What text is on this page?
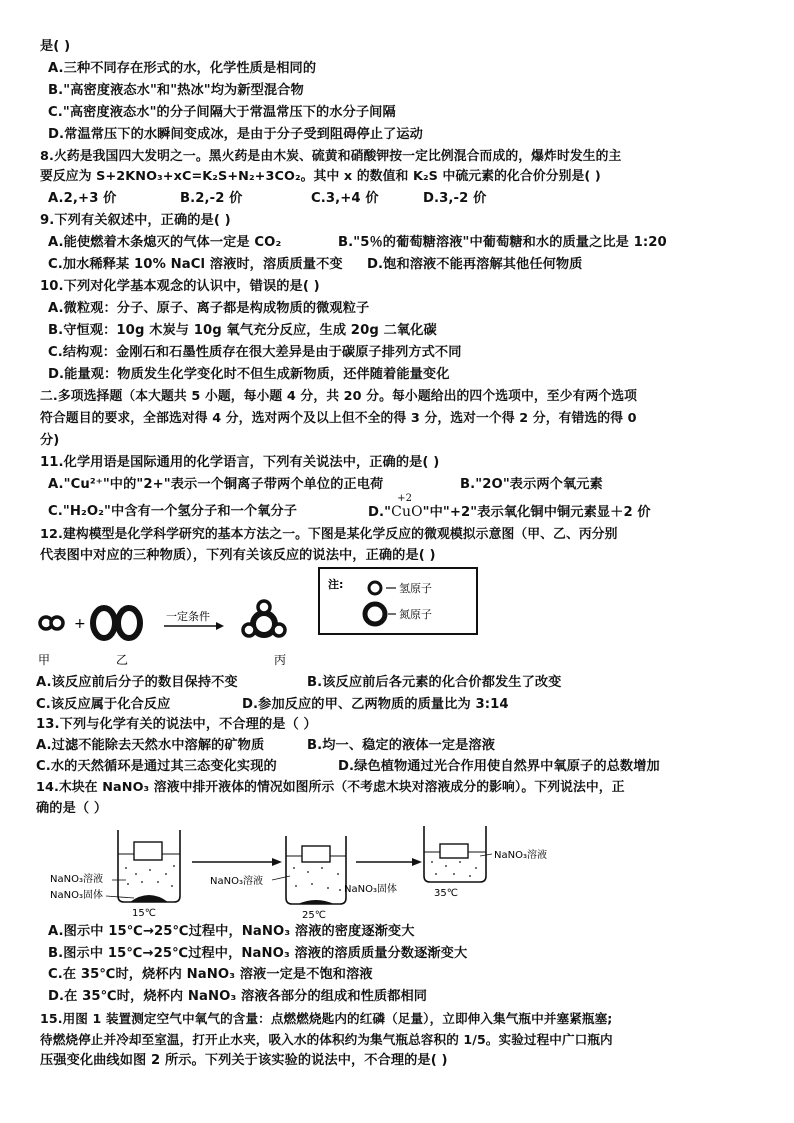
是( )
A.三种不同存在形式的水，化学性质是相同的
B."高密度液态水"和"热冰"均为新型混合物
C."高密度液态水"的分子间隔大于常温常压下的水分子间隔
D.常温常压下的水瞬间变成冰，是由于分子受到阻碍停止了运动
8.火药是我国四大发明之一。黑火药是由木炭、硫黄和硝酸钾按一定比例混合而成的，爆炸时发生的主
要反应为 S+2KNO₃+xC=K₂S+N₂+3CO₂。其中 x 的数值和 K₂S 中硫元素的化合价分别是( )
A.2,+3 价	B.2,-2 价	C.3,+4 价	D.3,-2 价
9.下列有关叙述中，正确的是( )
A.能使燃着木条熄灭的气体一定是 CO₂	B."5％的葡萄糖溶液"中葡萄糖和水的质量之比是 1:20
C.加水稀释某 10% NaCl 溶液时，溶质质量不变 D.饱和溶液不能再溶解其他任何物质
10.下列对化学基本观念的认识中，错误的是( )
A.微粒观：分子、原子、离子都是构成物质的微观粒子
B.守恒观：10g 木炭与 10g 氧气充分反应，生成 20g 二氧化碳
C.结构观：金刚石和石墨性质存在很大差异是由于碳原子排列方式不同
D.能量观：物质发生化学变化时不但生成新物质，还伴随着能量变化
二.多项选择题（本大题共 5 小题，每小题 4 分，共 20 分。每小题给出的四个选项中，至少有两个选项
符合题目的要求，全部选对得 4 分，选对两个及以上但不全的得 3 分，选对一个得 2 分，有错选的得 0
分)
11.化学用语是国际通用的化学语言，下列有关说法中，正确的是( )
A."Cu²⁺"中的"2+"表示一个铜离子带两个单位的正电荷	B."2O"表示两个氧元素
C."H₂O₂"中含有一个氢分子和一个氧分子	D."
+2
CuO"中"+2"表示氧化铜中铜元素显＋2 价
12.建构模型是化学科学研究的基本方法之一。下图是某化学反应的微观模拟示意图（甲、乙、丙分别
代表图中对应的三种物质），下列有关该反应的说法中，正确的是( )
注:	氢原子
氮原子
+	一定条件
甲	乙	丙
A.该反应前后分子的数目保持不变	B.该反应前后各元素的化合价都发生了改变
C.该反应属于化合反应	D.参加反应的甲、乙两物质的质量比为 3:14
13.下列与化学有关的说法中，不合理的是（ ）
A.过滤不能除去天然水中溶解的矿物质	B.均一、稳定的液体一定是溶液
C.水的天然循环是通过其三态变化实现的	D.绿色植物通过光合作用使自然界中氧原子的总数增加
14.木块在 NaNO₃ 溶液中排开液体的情况如图所示（不考虑木块对溶液成分的影响）。下列说法中，正
确的是（ ）
NaNO₃溶液
NaNO₃固体
15℃
NaNO₃溶液
NaNO₃固体
25℃
NaNO₃溶液
35℃
A.图示中 15℃→25℃过程中，NaNO₃ 溶液的密度逐渐变大
B.图示中 15℃→25℃过程中，NaNO₃ 溶液的溶质质量分数逐渐变大
C.在 35℃时，烧杯内 NaNO₃ 溶液一定是不饱和溶液
D.在 35℃时，烧杯内 NaNO₃ 溶液各部分的组成和性质都相同
15.用图 1 装置测定空气中氧气的含量：点燃燃烧匙内的红磷（足量），立即伸入集气瓶中并塞紧瓶塞;
待燃烧停止并冷却至室温，打开止水夹，吸入水的体积约为集气瓶总容积的 1/5。实验过程中广口瓶内
压强变化曲线如图 2 所示。下列关于该实验的说法中，不合理的是( )
